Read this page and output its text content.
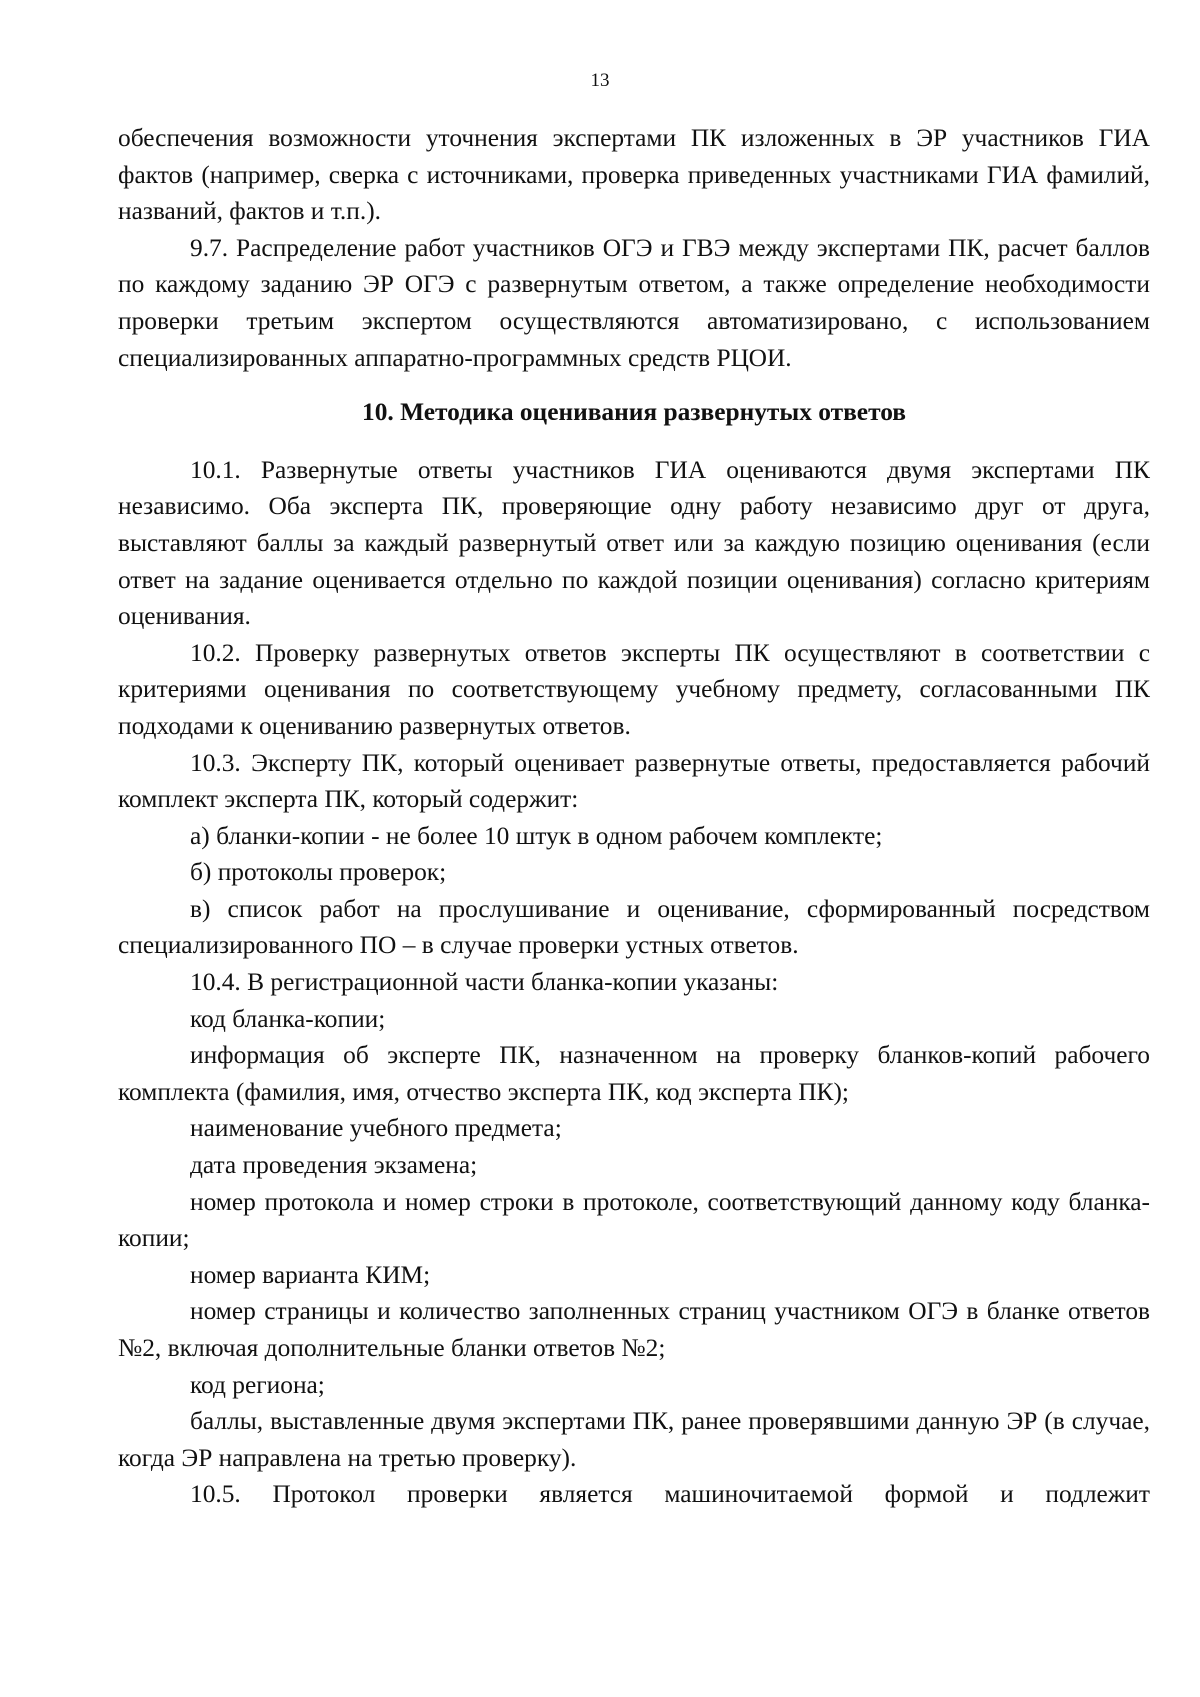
13

обеспечения возможности уточнения экспертами ПК изложенных в ЭР участников ГИА фактов (например, сверка с источниками, проверка приведенных участниками ГИА фамилий, названий, фактов и т.п.).

9.7. Распределение работ участников ОГЭ и ГВЭ между экспертами ПК, расчет баллов по каждому заданию ЭР ОГЭ с развернутым ответом, а также определение необходимости проверки третьим экспертом осуществляются автоматизировано, с использованием специализированных аппаратно-программных средств РЦОИ.

10. Методика оценивания развернутых ответов

10.1. Развернутые ответы участников ГИА оцениваются двумя экспертами ПК независимо. Оба эксперта ПК, проверяющие одну работу независимо друг от друга, выставляют баллы за каждый развернутый ответ или за каждую позицию оценивания (если ответ на задание оценивается отдельно по каждой позиции оценивания) согласно критериям оценивания.

10.2. Проверку развернутых ответов эксперты ПК осуществляют в соответствии с критериями оценивания по соответствующему учебному предмету, согласованными ПК подходами к оцениванию развернутых ответов.

10.3. Эксперту ПК, который оценивает развернутые ответы, предоставляется рабочий комплект эксперта ПК, который содержит:

а) бланки-копии - не более 10 штук в одном рабочем комплекте;

б) протоколы проверок;

в) список работ на прослушивание и оценивание, сформированный посредством специализированного ПО – в случае проверки устных ответов.

10.4. В регистрационной части бланка-копии указаны:

код бланка-копии;

информация об эксперте ПК, назначенном на проверку бланков-копий рабочего комплекта (фамилия, имя, отчество эксперта ПК, код эксперта ПК);

наименование учебного предмета;

дата проведения экзамена;

номер протокола и номер строки в протоколе, соответствующий данному коду бланка-копии;

номер варианта КИМ;

номер страницы и количество заполненных страниц участником ОГЭ в бланке ответов №2, включая дополнительные бланки ответов №2;

код региона;

баллы, выставленные двумя экспертами ПК, ранее проверявшими данную ЭР (в случае, когда ЭР направлена на третью проверку).

10.5. Протокол проверки является машиночитаемой формой и подлежит
